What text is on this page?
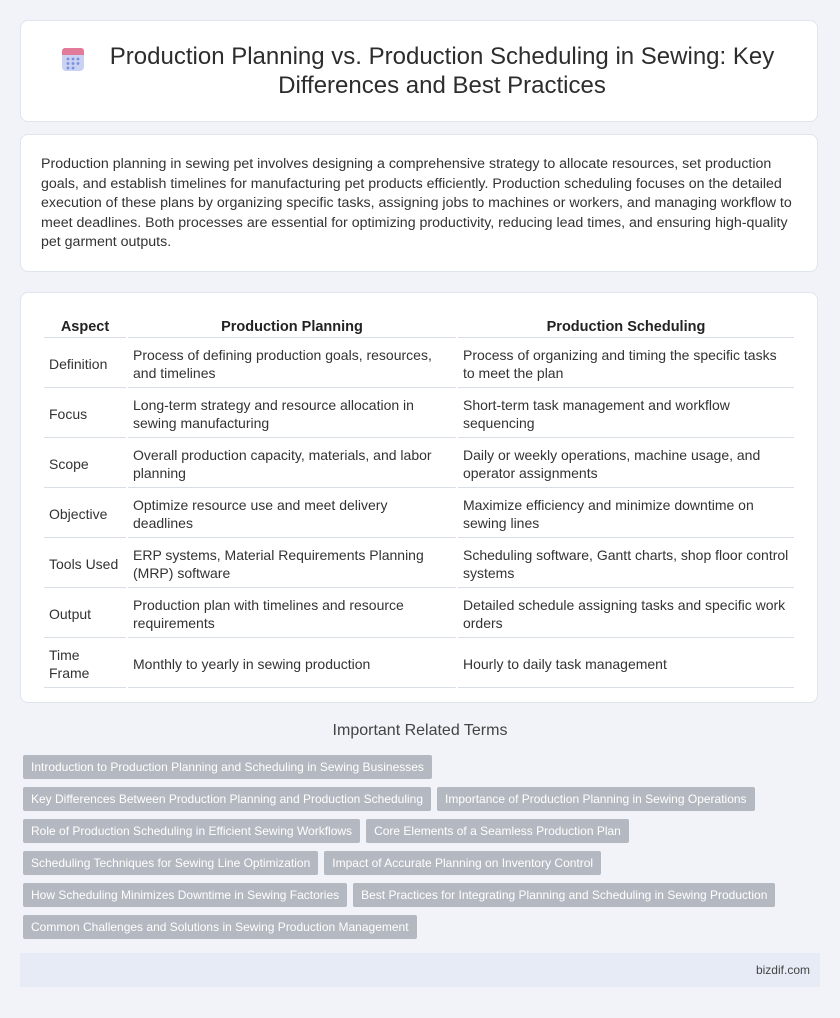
Production Planning vs. Production Scheduling in Sewing: Key Differences and Best Practices

Production planning in sewing pet involves designing a comprehensive strategy to allocate resources, set production goals, and establish timelines for manufacturing pet products efficiently. Production scheduling focuses on the detailed execution of these plans by organizing specific tasks, assigning jobs to machines or workers, and managing workflow to meet deadlines. Both processes are essential for optimizing productivity, reducing lead times, and ensuring high-quality pet garment outputs.

Aspect	Production Planning	Production Scheduling
Definition	Process of defining production goals, resources, and timelines	Process of organizing and timing the specific tasks to meet the plan
Focus	Long-term strategy and resource allocation in sewing manufacturing	Short-term task management and workflow sequencing
Scope	Overall production capacity, materials, and labor planning	Daily or weekly operations, machine usage, and operator assignments
Objective	Optimize resource use and meet delivery deadlines	Maximize efficiency and minimize downtime on sewing lines
Tools Used	ERP systems, Material Requirements Planning (MRP) software	Scheduling software, Gantt charts, shop floor control systems
Output	Production plan with timelines and resource requirements	Detailed schedule assigning tasks and specific work orders
Time Frame	Monthly to yearly in sewing production	Hourly to daily task management
Important Related Terms
Introduction to Production Planning and Scheduling in Sewing Businesses
Key Differences Between Production Planning and Production Scheduling	Importance of Production Planning in Sewing Operations
Role of Production Scheduling in Efficient Sewing Workflows	Core Elements of a Seamless Production Plan
Scheduling Techniques for Sewing Line Optimization	Impact of Accurate Planning on Inventory Control
How Scheduling Minimizes Downtime in Sewing Factories	Best Practices for Integrating Planning and Scheduling in Sewing Production
Common Challenges and Solutions in Sewing Production Management
bizdif.com
